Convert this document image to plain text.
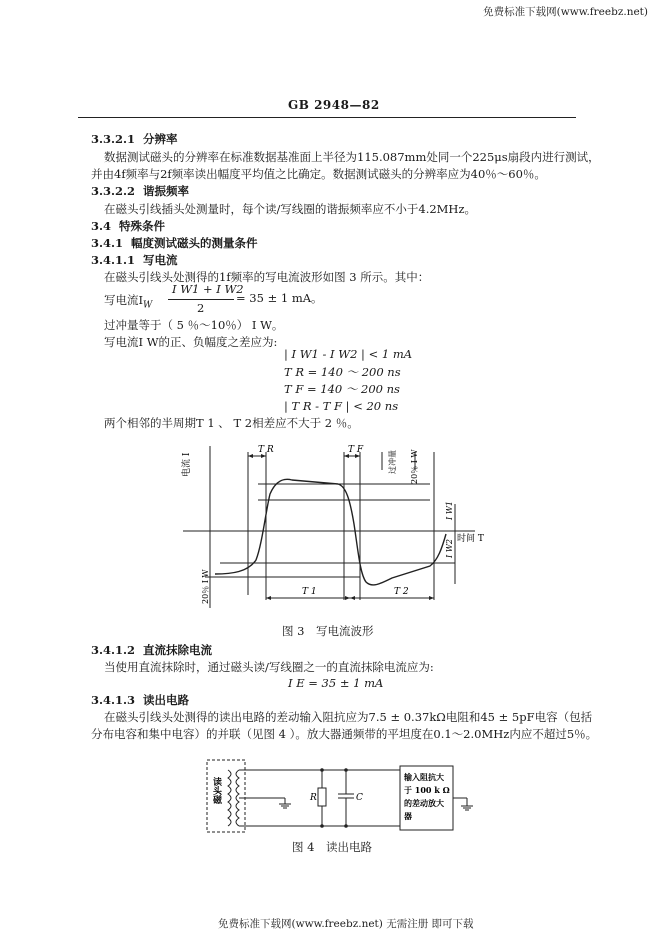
免费标准下载网(www.freebz.net)
GB 2948—82
3.3.2.1 分辨率
数据测试磁头的分辨率在标准数据基准面上半径为115.087mm处同一个225μs扇段内进行测试，
并由4f频率与2f频率读出幅度平均值之比确定。数据测试磁头的分辨率应为40％～60％。
3.3.2.2 谐振频率
在磁头引线插头处测量时，每个读/写线圈的谐振频率应不小于4.2MHz。
3.4 特殊条件
3.4.1 幅度测试磁头的测量条件
3.4.1.1 写电流
在磁头引线头处测得的1f频率的写电流波形如图 3 所示。其中：
写电流$I_W$
I W1 + I W2
2
= 35 ± 1 mA。
过冲量等于（ 5 ％～10％） I W。
写电流I W的正、负幅度之差应为:
| I W1 - I W2 | < 1 mA
T R = 140 ～ 200 ns
T F = 140 ～ 200 ns
| T R - T F | < 20 ns
两个相邻的半周期T 1 、 T 2相差应不大于 2 ％。
电流 I
T R	T F	过冲量 20％ I W
20％ I W
I W1
I W2 时间 T
T 1	T 2
图 3　写电流波形
3.4.1.2 直流抹除电流
当使用直流抹除时，通过磁头读/写线圈之一的直流抹除电流应为:
I E = 35 ± 1 mA
3.4.1.3 读出电路
在磁头引线头处测得的读出电路的差动输入阻抗应为7.5 ± 0.37kΩ电阻和45 ± 5pF电容（包括
分布电容和集中电容）的并联（见图 4 ）。放大器通频带的平坦度在0.1～2.0MHz内应不超过5％。
读头磁	R	C
输入阻抗大
于 100 k Ω
的差动放大
器
图 4　读出电路
免费标准下载网(www.freebz.net) 无需注册 即可下载
